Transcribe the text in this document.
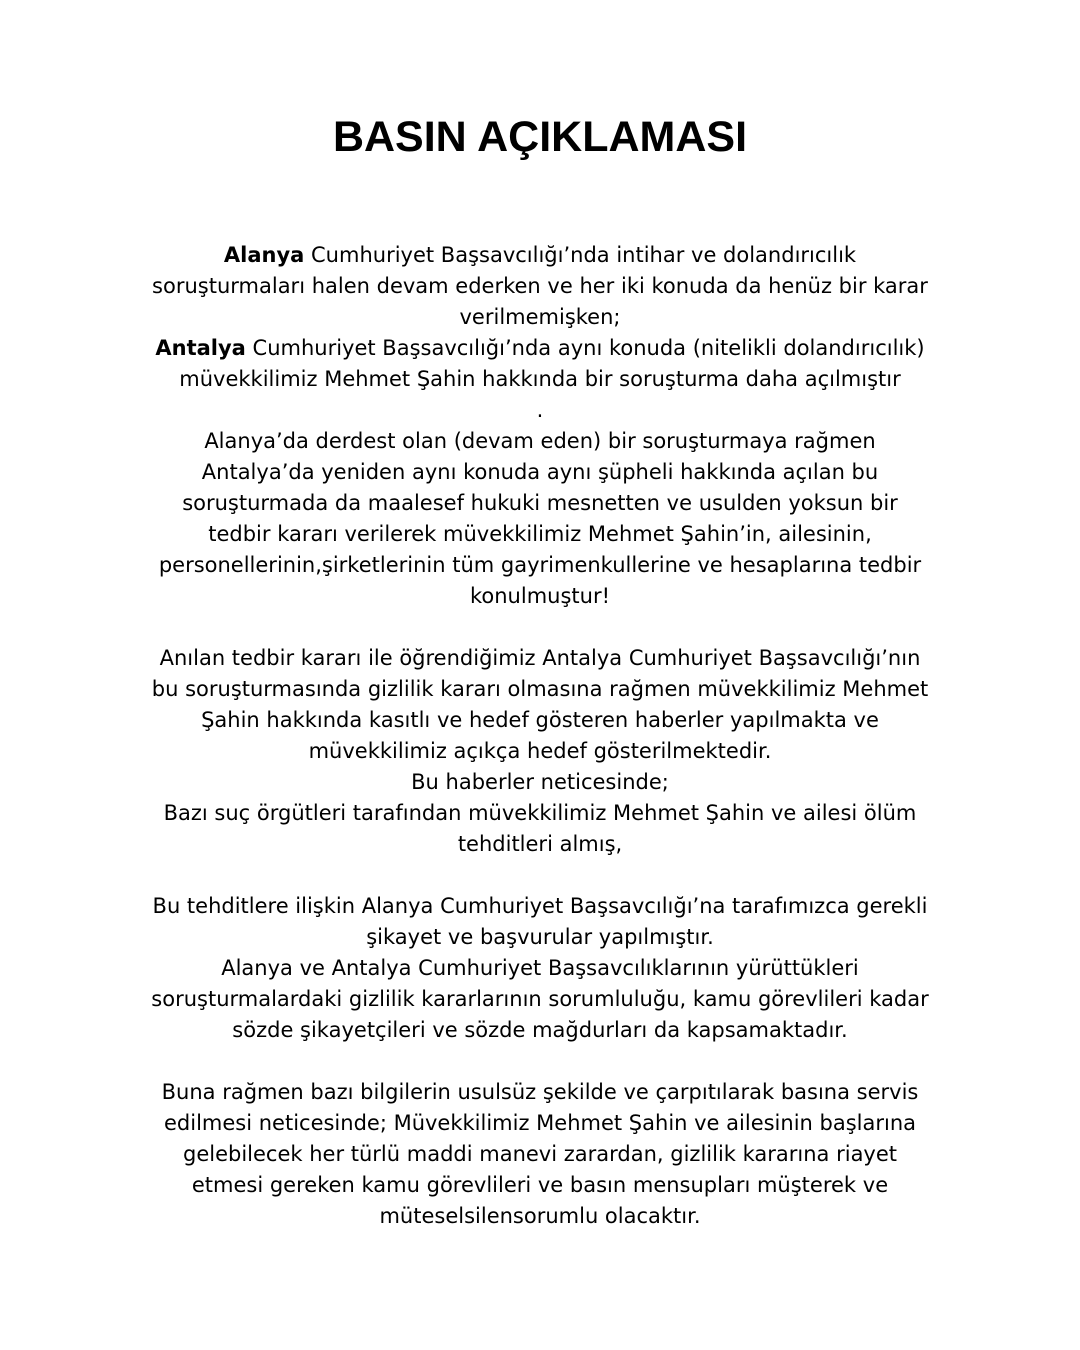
BASIN AÇIKLAMASI
Alanya Cumhuriyet Başsavcılığı’nda intihar ve dolandırıcılık
soruşturmaları halen devam ederken ve her iki konuda da henüz bir karar
verilmemişken;
Antalya Cumhuriyet Başsavcılığı’nda aynı konuda (nitelikli dolandırıcılık)
müvekkilimiz Mehmet Şahin hakkında bir soruşturma daha açılmıştır
.
Alanya’da derdest olan (devam eden) bir soruşturmaya rağmen
Antalya’da yeniden aynı konuda aynı şüpheli hakkında açılan bu
soruşturmada da maalesef hukuki mesnetten ve usulden yoksun bir
tedbir kararı verilerek müvekkilimiz Mehmet Şahin’in, ailesinin,
personellerinin,şirketlerinin tüm gayrimenkullerine ve hesaplarına tedbir
konulmuştur!
Anılan tedbir kararı ile öğrendiğimiz Antalya Cumhuriyet Başsavcılığı’nın
bu soruşturmasında gizlilik kararı olmasına rağmen müvekkilimiz Mehmet
Şahin hakkında kasıtlı ve hedef gösteren haberler yapılmakta ve
müvekkilimiz açıkça hedef gösterilmektedir.
Bu haberler neticesinde;
Bazı suç örgütleri tarafından müvekkilimiz Mehmet Şahin ve ailesi ölüm
tehditleri almış,
Bu tehditlere ilişkin Alanya Cumhuriyet Başsavcılığı’na tarafımızca gerekli
şikayet ve başvurular yapılmıştır.
Alanya ve Antalya Cumhuriyet Başsavcılıklarının yürüttükleri
soruşturmalardaki gizlilik kararlarının sorumluluğu, kamu görevlileri kadar
sözde şikayetçileri ve sözde mağdurları da kapsamaktadır.
Buna rağmen bazı bilgilerin usulsüz şekilde ve çarpıtılarak basına servis
edilmesi neticesinde; Müvekkilimiz Mehmet Şahin ve ailesinin başlarına
gelebilecek her türlü maddi manevi zarardan, gizlilik kararına riayet
etmesi gereken kamu görevlileri ve basın mensupları müşterek ve
müteselsilensorumlu olacaktır.
